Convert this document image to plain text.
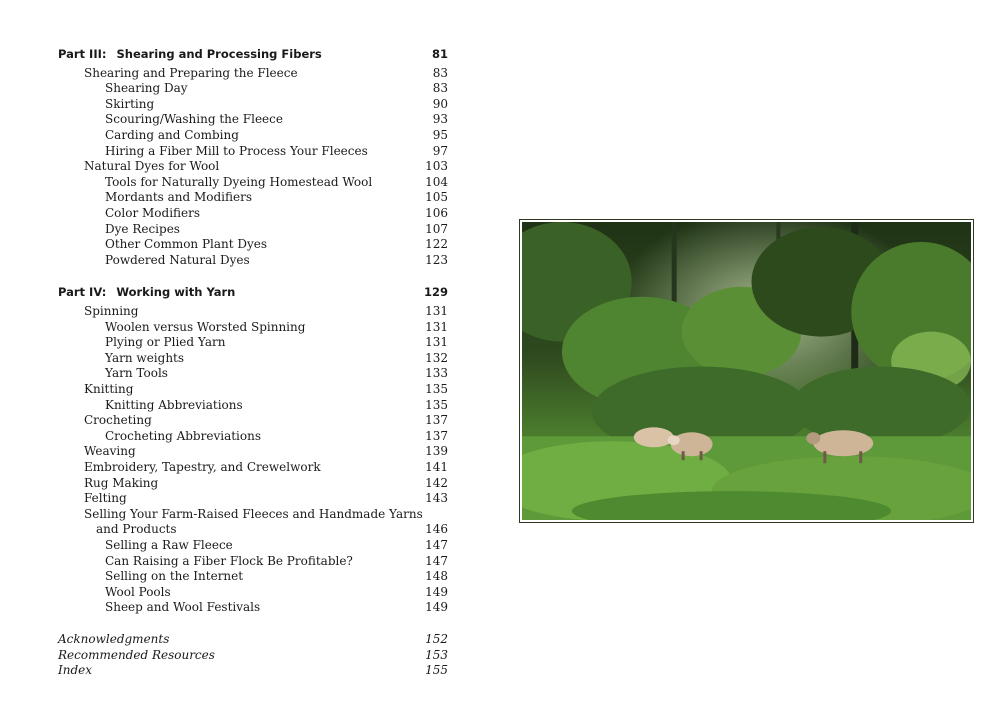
Part III: Shearing and Processing Fibers	81
Shearing and Preparing the Fleece	83
Shearing Day	83
Skirting	90
Scouring/Washing the Fleece	93
Carding and Combing	95
Hiring a Fiber Mill to Process Your Fleeces	97
Natural Dyes for Wool	103
Tools for Naturally Dyeing Homestead Wool	104
Mordants and Modifiers	105
Color Modifiers	106
Dye Recipes	107
Other Common Plant Dyes	122
Powdered Natural Dyes	123
Part IV: Working with Yarn	129
Spinning	131
Woolen versus Worsted Spinning	131
Plying or Plied Yarn	131
Yarn weights	132
Yarn Tools	133
Knitting	135
Knitting Abbreviations	135
Crocheting	137
Crocheting Abbreviations	137
Weaving	139
Embroidery, Tapestry, and Crewelwork	141
Rug Making	142
Felting	143
Selling Your Farm-Raised Fleeces and Handmade Yarns
and Products	146
Selling a Raw Fleece	147
Can Raising a Fiber Flock Be Profitable?	147
Selling on the Internet	148
Wool Pools	149
Sheep and Wool Festivals	149
Acknowledgments	152
Recommended Resources	153
Index	155
